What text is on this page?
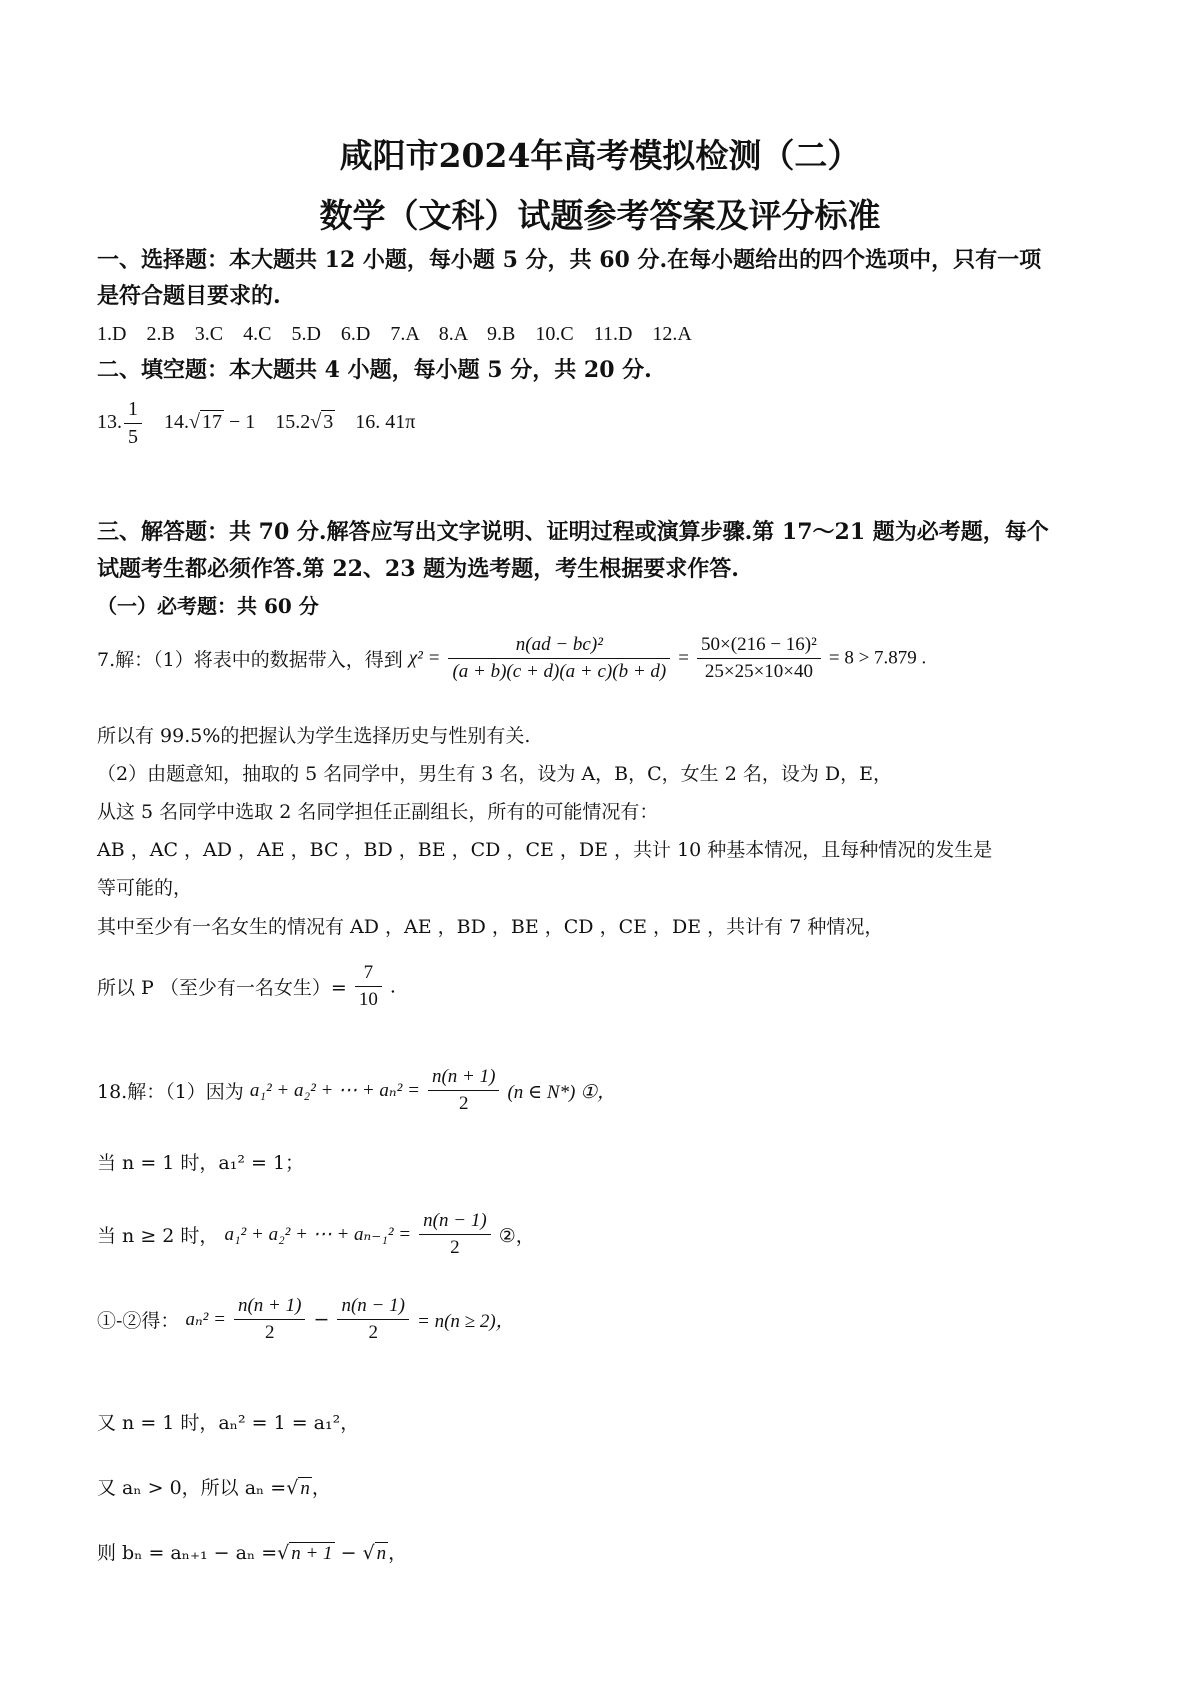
咸阳市2024年高考模拟检测（二）
数学（文科）试题参考答案及评分标准
一、选择题：本大题共 12 小题，每小题 5 分，共 60 分.在每小题给出的四个选项中，只有一项
是符合题目要求的.
1.D　2.B　3.C　4.C　5.D　6.D　7.A　8.A　9.B　10.C　11.D　12.A
二、填空题：本大题共 4 小题，每小题 5 分，共 20 分.
13. $\frac{1}{5} 14.√$ 17 − 1 15.2√ 3 16. 41π
三、解答题：共 70 分.解答应写出文字说明、证明过程或演算步骤.第 17～21 题为必考题，每个
试题考生都必须作答.第 22、23 题为选考题，考生根据要求作答.
（一）必考题：共 60 分
7.解：（1）将表中的数据带入，得到 $\chi^2 = \frac{\text{n(ad − bc)²}}{(a + b)(c + d)(a + c)(b + d)} = \frac{\text{50×(216 − 16)²}}{25\times 25\times 10\times 40} = 8 > 7.879$ .
所以有 99.5%的把握认为学生选择历史与性别有关.
（2）由题意知，抽取的 5 名同学中，男生有 3 名，设为 A，B，C，女生 2 名，设为 D，E，
从这 5 名同学中选取 2 名同学担任正副组长，所有的可能情况有：
AB ，AC ，AD ，AE ，BC ，BD ，BE ，CD ，CE ，DE ，共计 10 种基本情况，且每种情况的发生是
等可能的，
其中至少有一名女生的情况有 AD ，AE ，BD ，BE ，CD ，CE ，DE ，共计有 7 种情况，
所以 P （至少有一名女生）= $\frac{7}{10}$ .
18.解：（1）因为 a₁² + a₂² + ⋯ + $a_n^2 = \frac{n(n + 1)}{2} (n$ ∈ N*) ①，
当 n = 1 时，a₁² = 1；
当 n ≥ 2 时， a₁² + a₂² + ⋯ + $a_{n-1}^2 = \frac{n(n - 1)}{2}$ ②，
①-②得： $a_n^2 = \frac{n(n + 1)}{2} - \frac{n(n - 1)}{2} = n(n \ge 2)$，
又 n = 1 时，aₙ² = 1 = a₁²，
又 aₙ > 0，所以 aₙ =√ n ，
则 bₙ = aₙ₊₁ − aₙ =√ n + 1 − √ n ，
